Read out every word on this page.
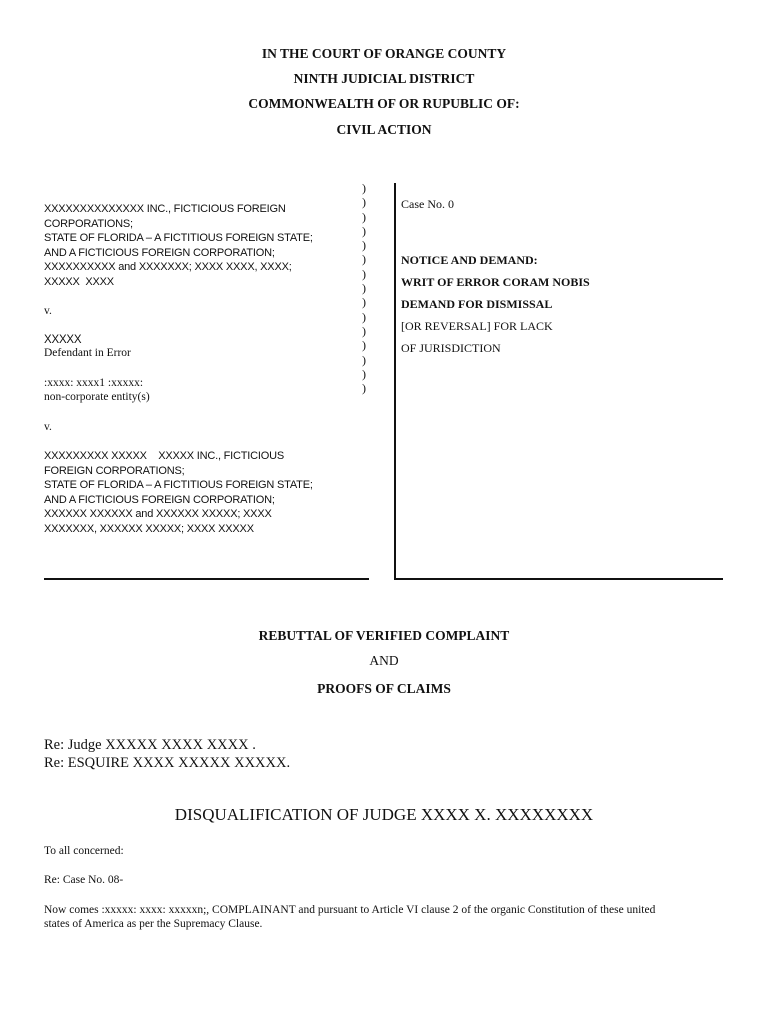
IN THE COURT OF ORANGE COUNTY
NINTH JUDICIAL DISTRICT
COMMONWEALTH OF OR RUPUBLIC OF:
CIVIL ACTION
XXXXXXXXXXXXXX INC., FICTICIOUS FOREIGN
CORPORATIONS;
STATE OF FLORIDA – A FICTITIOUS FOREIGN STATE;
AND A FICTICIOUS FOREIGN CORPORATION;
XXXXXXXXXX and XXXXXXX; XXXX XXXX, XXXX;
XXXXX  XXXX
v.
XXXXX
Defendant in Error
:xxxx: xxxx1 :xxxxx:
non-corporate entity(s)
v.
XXXXXXXXX XXXXX    XXXXX INC., FICTICIOUS
FOREIGN CORPORATIONS;
STATE OF FLORIDA – A FICTITIOUS FOREIGN STATE;
AND A FICTICIOUS FOREIGN CORPORATION;
XXXXXX XXXXXX and XXXXXX XXXXX; XXXX
XXXXXXX, XXXXXX XXXXX; XXXX XXXXX
)
)
)
)
)
)
)
)
)
)
)
)
)
)
)
Case No. 0
NOTICE AND DEMAND:
WRIT OF ERROR CORAM NOBIS
DEMAND FOR DISMISSAL
[OR REVERSAL] FOR LACK
OF JURISDICTION
REBUTTAL OF VERIFIED COMPLAINT
AND
PROOFS OF CLAIMS
Re: Judge XXXXX XXXX XXXX .
Re: ESQUIRE XXXX XXXXX XXXXX.
DISQUALIFICATION OF JUDGE XXXX X. XXXXXXXX
To all concerned:
Re: Case No. 08-
Now comes :xxxxx: xxxx: xxxxxn;, COMPLAINANT and pursuant to Article VI clause 2 of the organic Constitution of these united
states of America as per the Supremacy Clause.
